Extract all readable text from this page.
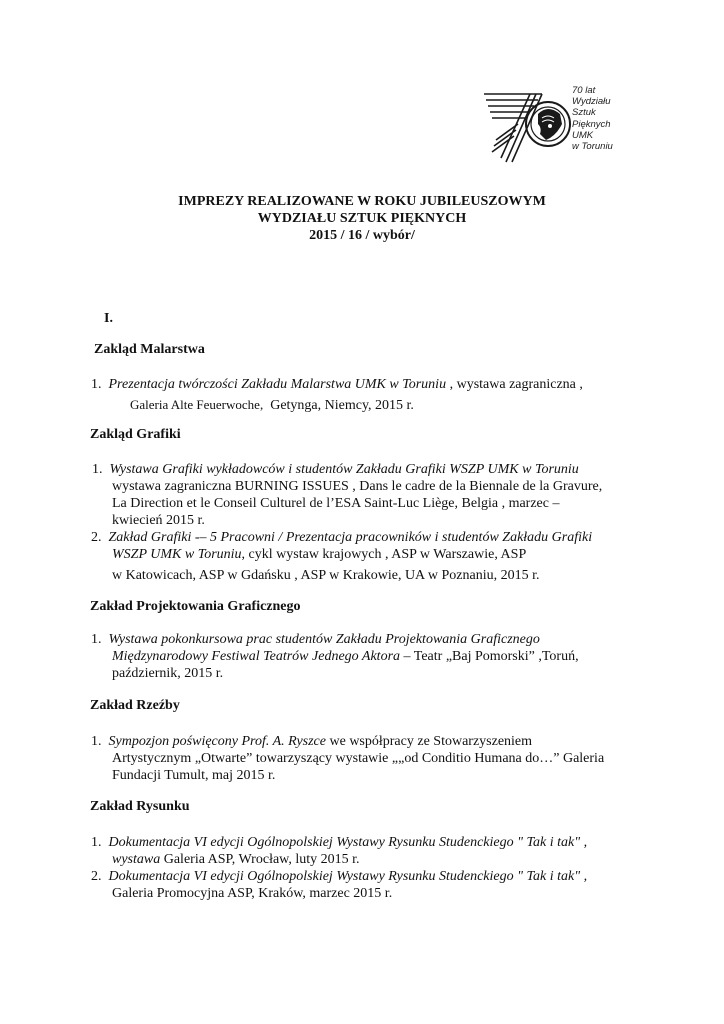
70 lat
Wydziału
Sztuk
Pięknych
UMK
w Toruniu
IMPREZY REALIZOWANE W ROKU JUBILEUSZOWYM
WYDZIAŁU SZTUK PIĘKNYCH
2015 / 16 / wybór/
I.
Zakląd Malarstwa
1. Prezentacja twórczości Zakładu Malarstwa UMK w Toruniu , wystawa zagraniczna ,
Galeria Alte Feuerwoche, Getynga, Niemcy, 2015 r.
Zakląd Grafiki
1. Wystawa Grafiki wykładowców i studentów Zakładu Grafiki WSZP UMK w Toruniu
wystawa zagraniczna BURNING ISSUES , Dans le cadre de la Biennale de la Gravure,
La Direction et le Conseil Culturel de l’ESA Saint-Luc Liège, Belgia , marzec –
kwiecień 2015 r.
2. Zakład Grafiki -– 5 Pracowni / Prezentacja pracowników i studentów Zakładu Grafiki
WSZP UMK w Toruniu, cykl wystaw krajowych , ASP w Warszawie, ASP
w Katowicach, ASP w Gdańsku , ASP w Krakowie, UA w Poznaniu, 2015 r.
Zakład Projektowania Graficznego
1. Wystawa pokonkursowa prac studentów Zakładu Projektowania Graficznego
Międzynarodowy Festiwal Teatrów Jednego Aktora – Teatr „Baj Pomorski” ,Toruń,
październik, 2015 r.
Zakład Rzeźby
1. Sympozjon poświęcony Prof. A. Ryszce we współpracy ze Stowarzyszeniem
Artystycznym „Otwarte” towarzyszący wystawie „„od Conditio Humana do…” Galeria
Fundacji Tumult, maj 2015 r.
Zakład Rysunku
1. Dokumentacja VI edycji Ogólnopolskiej Wystawy Rysunku Studenckiego " Tak i tak" ,
wystawa Galeria ASP, Wrocław, luty 2015 r.
2. Dokumentacja VI edycji Ogólnopolskiej Wystawy Rysunku Studenckiego " Tak i tak" ,
Galeria Promocyjna ASP, Kraków, marzec 2015 r.
